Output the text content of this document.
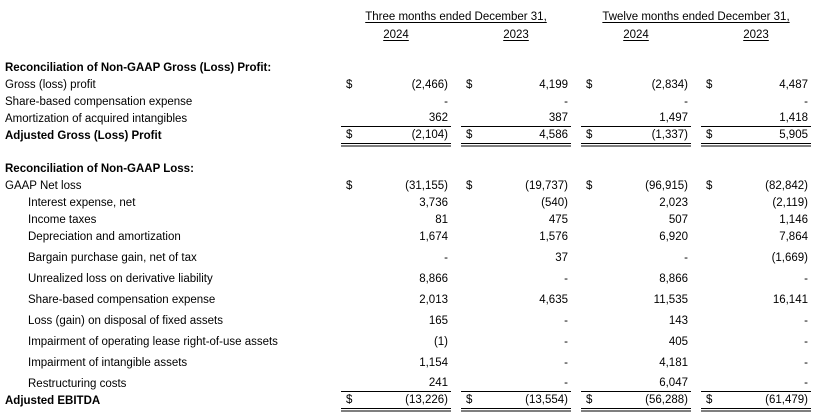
Three months ended December 31,	Twelve months ended December 31,
2024	2023	2024	2023
Reconciliation of Non-GAAP Gross (Loss) Profit:
Gross (loss) profit	$	(2,466) $	4,199 $	(2,834) $	4,487
Share-based compensation expense	-	-	-	-
Amortization of acquired intangibles	362	387	1,497	1,418
Adjusted Gross (Loss) Profit	$	(2,104) $	4,586 $	(1,337) $	5,905
Reconciliation of Non-GAAP Loss:
GAAP Net loss	$	(31,155) $	(19,737) $	(96,915) $	(82,842)
Interest expense, net	3,736	(540)	2,023	(2,119)
Income taxes	81	475	507	1,146
Depreciation and amortization	1,674	1,576	6,920	7,864
Bargain purchase gain, net of tax	-	37	-	(1,669)
Unrealized loss on derivative liability	8,866	-	8,866	-
Share-based compensation expense	2,013	4,635	11,535	16,141
Loss (gain) on disposal of fixed assets	165	-	143	-
Impairment of operating lease right-of-use assets	(1)	-	405	-
Impairment of intangible assets	1,154	-	4,181	-
Restructuring costs	241	-	6,047	-
Adjusted EBITDA	$	(13,226) $	(13,554) $	(56,288) $	(61,479)
